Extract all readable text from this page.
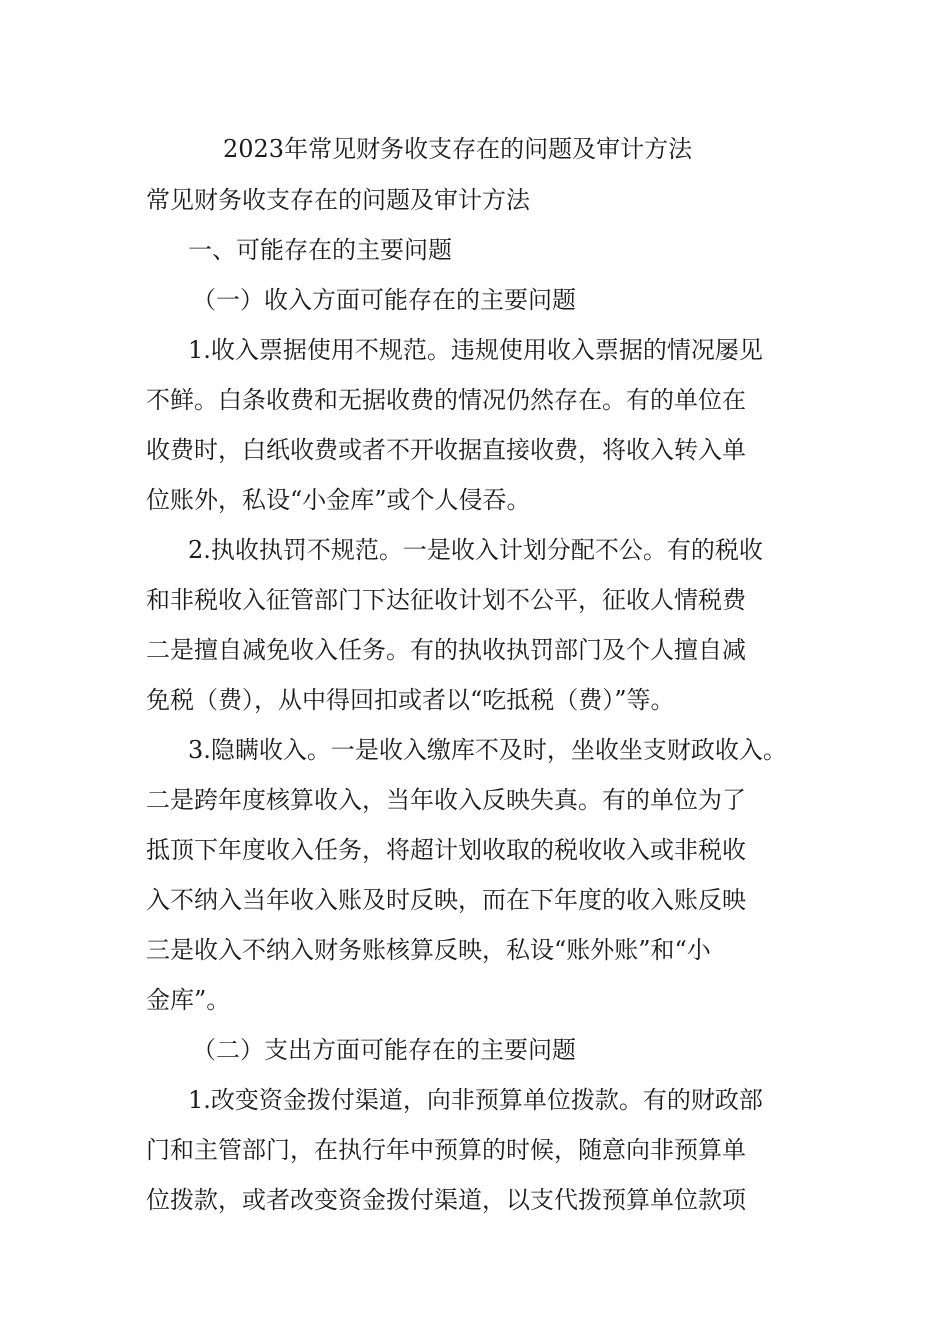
2023年常见财务收支存在的问题及审计方法
常见财务收支存在的问题及审计方法
一、可能存在的主要问题
（一）收入方面可能存在的主要问题
1.收入票据使用不规范。违规使用收入票据的情况屡见
不鲜。白条收费和无据收费的情况仍然存在。有的单位在
收费时，白纸收费或者不开收据直接收费，将收入转入单
位账外，私设“小金库”或个人侵吞。
2.执收执罚不规范。一是收入计划分配不公。有的税收
和非税收入征管部门下达征收计划不公平，征收人情税费
二是擅自减免收入任务。有的执收执罚部门及个人擅自减
免税（费），从中得回扣或者以“吃抵税（费）”等。
3.隐瞒收入。一是收入缴库不及时，坐收坐支财政收入。
二是跨年度核算收入，当年收入反映失真。有的单位为了
抵顶下年度收入任务，将超计划收取的税收收入或非税收
入不纳入当年收入账及时反映，而在下年度的收入账反映
三是收入不纳入财务账核算反映，私设“账外账”和“小
金库”。
（二）支出方面可能存在的主要问题
1.改变资金拨付渠道，向非预算单位拨款。有的财政部
门和主管部门，在执行年中预算的时候，随意向非预算单
位拨款，或者改变资金拨付渠道，以支代拨预算单位款项
